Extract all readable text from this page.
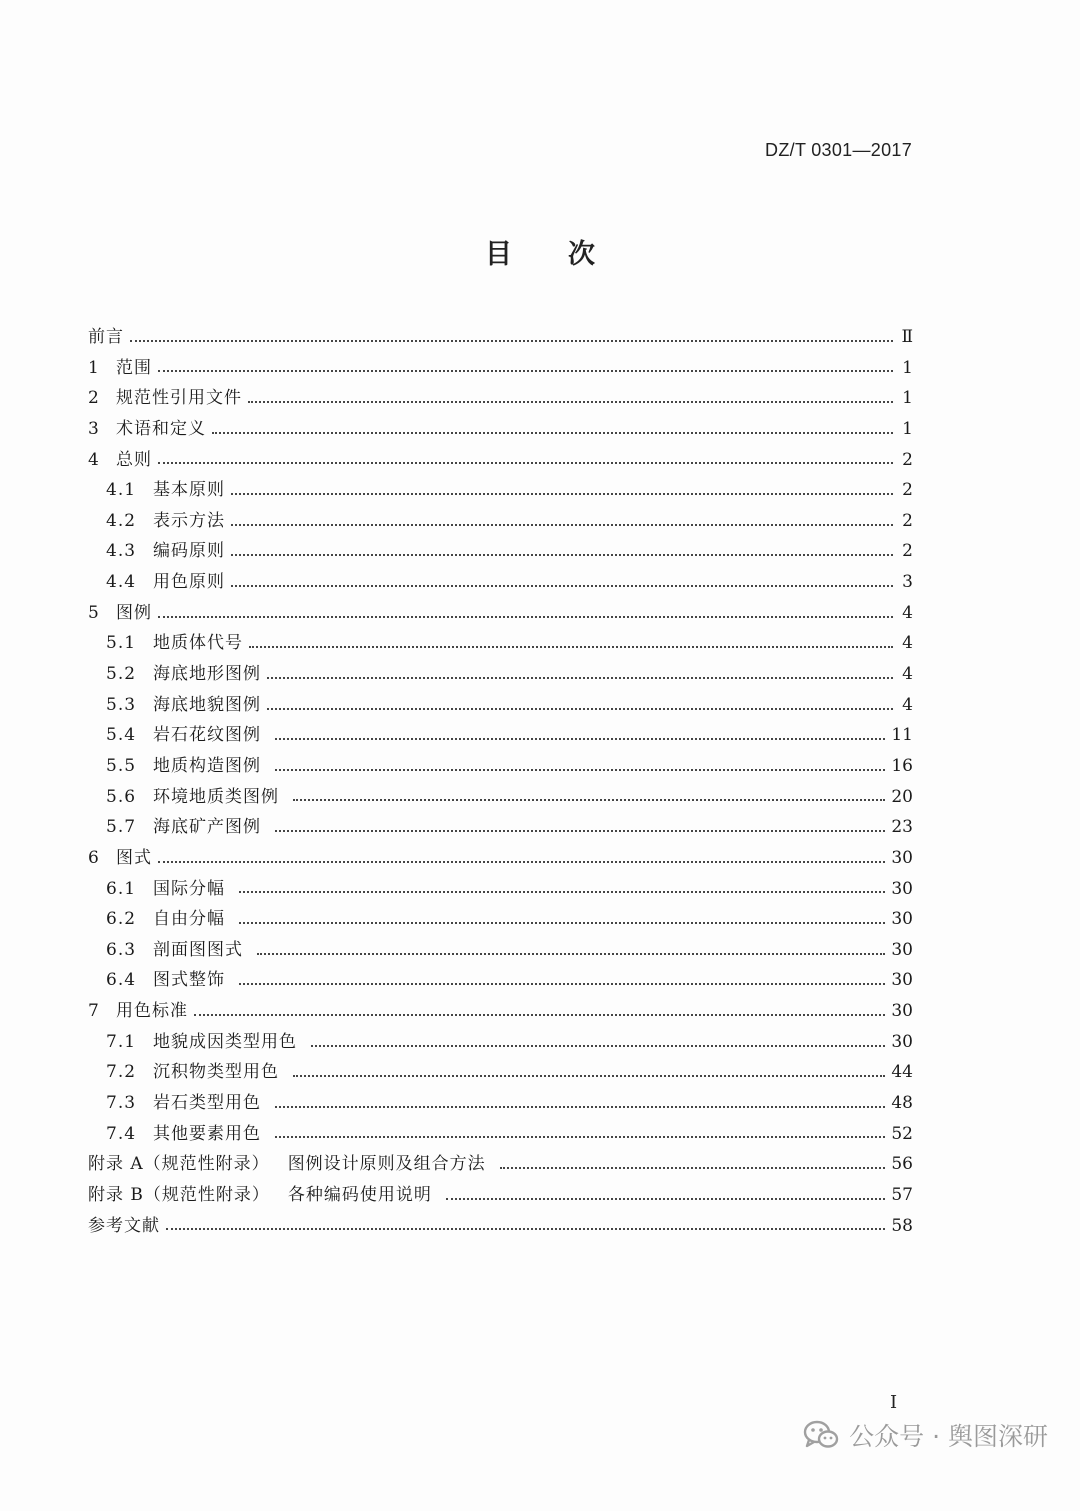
DZ/T 0301—2017
目 次
前言	Ⅱ
1	范围	1
2	规范性引用文件	1
3	术语和定义	1
4	总则	2
4.1 基本原则	2
4.2 表示方法	2
4.3 编码原则	2
4.4 用色原则	3
5	图例	4
5.1 地质体代号	4
5.2 海底地形图例	4
5.3 海底地貌图例	4
5.4 岩石花纹图例	11
5.5 地质构造图例	16
5.6 环境地质类图例	20
5.7 海底矿产图例	23
6	图式	30
6.1 国际分幅	30
6.2 自由分幅	30
6.3 剖面图图式	30
6.4 图式整饰	30
7	用色标准	30
7.1 地貌成因类型用色	30
7.2 沉积物类型用色	44
7.3 岩石类型用色	48
7.4 其他要素用色	52
附录 A（规范性附录） 图例设计原则及组合方法	56
附录 B（规范性附录） 各种编码使用说明	57
参考文献	58
I
公众号 · 舆图深研
